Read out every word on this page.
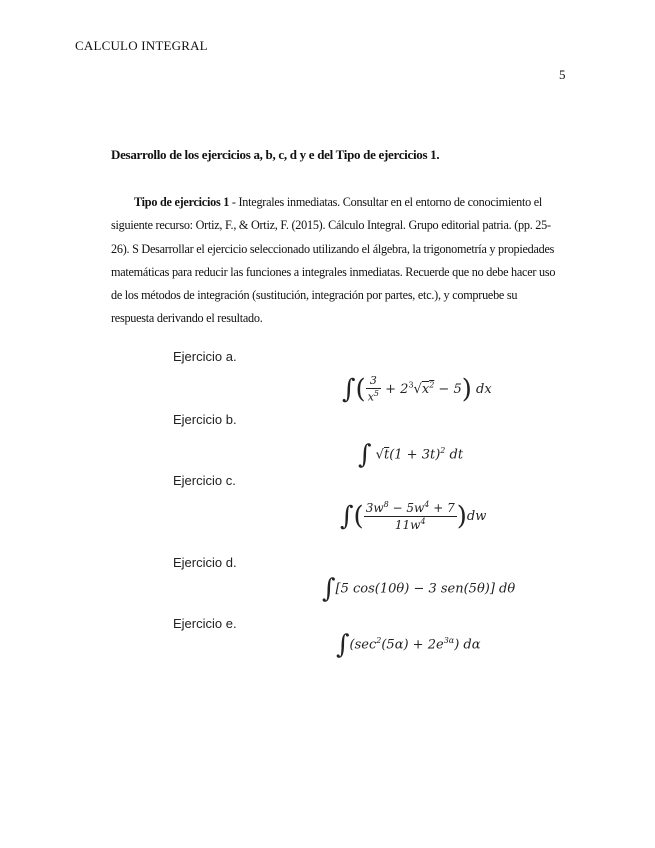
CALCULO INTEGRAL
5
Desarrollo de los ejercicios a, b, c, d y e del Tipo de ejercicios 1.
Tipo de ejercicios 1 - Integrales inmediatas. Consultar en el entorno de conocimiento el siguiente recurso: Ortiz, F., & Ortiz, F. (2015). Cálculo Integral. Grupo editorial patria. (pp. 25-26). S Desarrollar el ejercicio seleccionado utilizando el álgebra, la trigonometría y propiedades matemáticas para reducir las funciones a integrales inmediatas. Recuerde que no debe hacer uso de los métodos de integración (sustitución, integración por partes, etc.), y compruebe su respuesta derivando el resultado.
Ejercicio a.
∫( $\frac{3}{x^5} + 2^3√x^2 - 5$) dx
Ejercicio b.
∫ $√t(1 + 3t)^2$ dt
Ejercicio c.
∫( $\frac{3w^8 - 5w^4 + 7}{11w^4} )dw$
Ejercicio d.
∫[5 cos(10θ) − 3 sen(5θ)] dθ
Ejercicio e.
$\int(\sec^2(5\alpha) + 2e^{3\alpha})$ dα
